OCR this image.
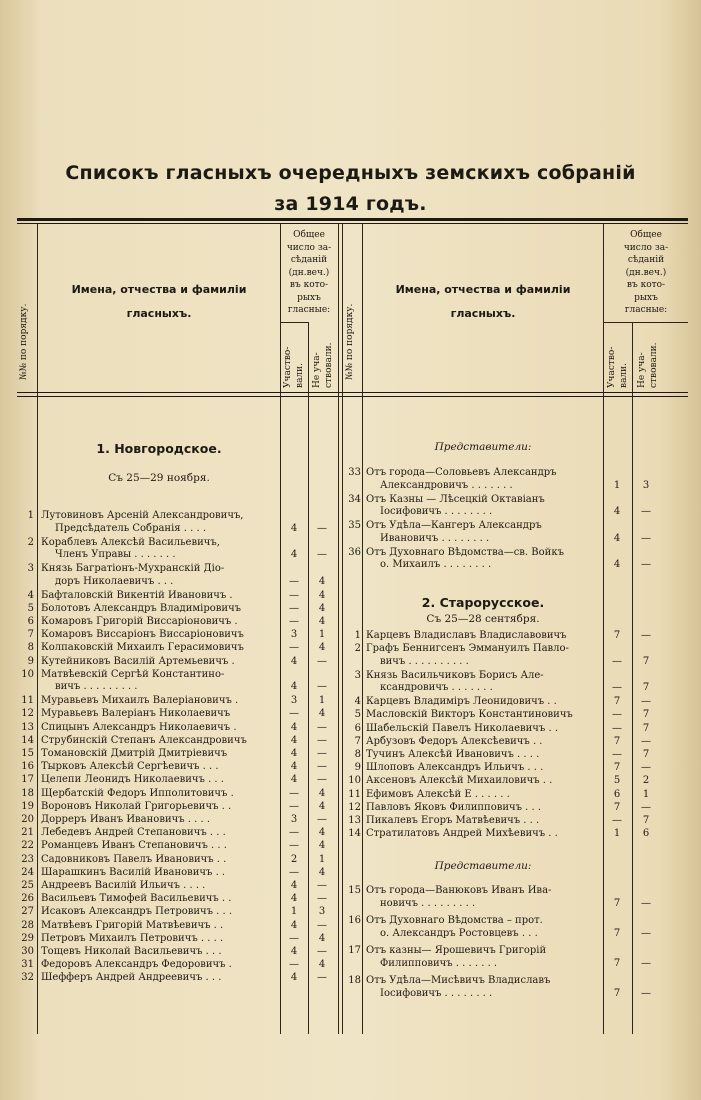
Списокъ гласныхъ очередныхъ земскихъ собраній
за 1914 годъ.
№№ по порядку.	№№ по порядку.
Имена, отчества и фамиліи
гласныхъ.
Имена, отчества и фамиліи
гласныхъ.
Общее
число за-
сѣданій
(дн.веч.)
въ кото-
рыхъ
гласные:
Общее
число за-
сѣданій
(дн.веч.)
въ кото-
рыхъ
гласные:
Участво- вали. Не уча- ствовали.	Участво- вали. Не уча- ствовали.
1. Новгородское.
Съ 25—29 ноября.
Представители:
2. Старорусское.
Съ 25—28 сентября.
Представители:
1 Лутовиновъ Арсеній Александровичъ,
Предсѣдатель Собранія . . . .	4	—
2 Кораблевъ Алексѣй Васильевичъ,
Членъ Управы . . . . . . .	4	—
3 Князь Багратіонъ-Мухранскій Діо-
доръ Николаевичъ . . .	—	4
4 Бафталовскій Викентій Ивановичъ .	—	4
5 Болотовъ Александръ Владиміровичъ	—	4
6 Комаровъ Григорій Виссаріоновичъ .	—	4
7 Комаровъ Виссаріонъ Виссаріоновичъ	3	1
8 Колпаковскій Михаилъ Герасимовичъ	—	4
9 Кутейниковъ Василій Артемьевичъ .	4	—
10 Матвѣевскій Сергѣй Константино-
вичъ . . . . . . . . .	4	—
11 Муравьевъ Михаилъ Валеріановичъ .	3	1
12 Муравьевъ Валеріанъ Николаевичъ	—	4
13 Спицынъ Александръ Николаевичъ .	4	—
14 Струбинскій Степанъ Александровичъ	4	—
15 Томановскій Дмитрій Дмитріевичъ	4	—
16 Тырковъ Алексѣй Сергѣевичъ . . .	4	—
17 Целепи Леонидъ Николаевичъ . . .	4	—
18 Щербатскій Федоръ Ипполитовичъ .	—	4
19 Вороновъ Николай Григорьевичъ . .	—	4
20 Дорреръ Иванъ Ивановичъ . . . .	3	—
21 Лебедевъ Андрей Степановичъ . . .	—	4
22 Романцевъ Иванъ Степановичъ . . .	—	4
23 Садовниковъ Павелъ Ивановичъ . .	2	1
24 Шарашкинъ Василій Ивановичъ . .	—	4
25 Андреевъ Василій Ильичъ . . . .	4	—
26 Васильевъ Тимофей Васильевичъ . .	4	—
27 Исаковъ Александръ Петровичъ . . .	1	3
28 Матвѣевъ Григорій Матвѣевичъ . .	4	—
29 Петровъ Михаилъ Петровичъ . . . .	—	4
30 Тощевъ Николай Васильевичъ . . .	4	—
31 Федоровъ Александръ Федоровичъ .	—	4
32 Шефферъ Андрей Андреевичъ . . .	4	—
33 Отъ города—Соловьевъ Александръ
Александровичъ . . . . . . .	1	3
34 Отъ Казны — Лѣсецкій Октавіанъ
Іосифовичъ . . . . . . . .	4	—
35 Отъ Удѣла—Кангеръ Александръ
Ивановичъ . . . . . . . .	4	—
36 Отъ Духовнаго Вѣдомства—св. Войкъ
о. Михаилъ . . . . . . . .	4	—
1 Карцевъ Владиславъ Владиславовичъ	7	—
2 Графъ Беннигсенъ Эммануилъ Павло-
вичъ . . . . . . . . . .	—	7
3 Князь Васильчиковъ Борисъ Але-
ксандровичъ . . . . . . .	—	7
4 Карцевъ Владиміръ Леонидовичъ . .	7	—
5 Масловскій Викторъ Константиновичъ	—	7
6 Шабельскій Павелъ Николаевичъ . .	—	7
7 Арбузовъ Федоръ Алексѣевичъ . .	7	—
8 Тучинъ Алексѣй Ивановичъ . . . .	—	7
9 Шлоповъ Александръ Ильичъ . . .	7	—
10 Аксеновъ Алексѣй Михаиловичъ . .	5	2
11 Ефимовъ Алексѣй Е . . . . . .	6	1
12 Павловъ Яковъ Филипповичъ . . .	7	—
13 Пикалевъ Егоръ Матвѣевичъ . . .	—	7
14 Стратилатовъ Андрей Михѣевичъ . .	1	6
15 Отъ города—Ванюковъ Иванъ Ива-
новичъ . . . . . . . . .	7	—
16 Отъ Духовнаго Вѣдомства – прот.
о. Александръ Ростовцевъ . . .	7	—
17 Отъ казны— Ярошевичъ Григорій
Филипповичъ . . . . . . .	7	—
18 Отъ Удѣла—Мисѣвичъ Владиславъ
Іосифовичъ . . . . . . . .	7	—
